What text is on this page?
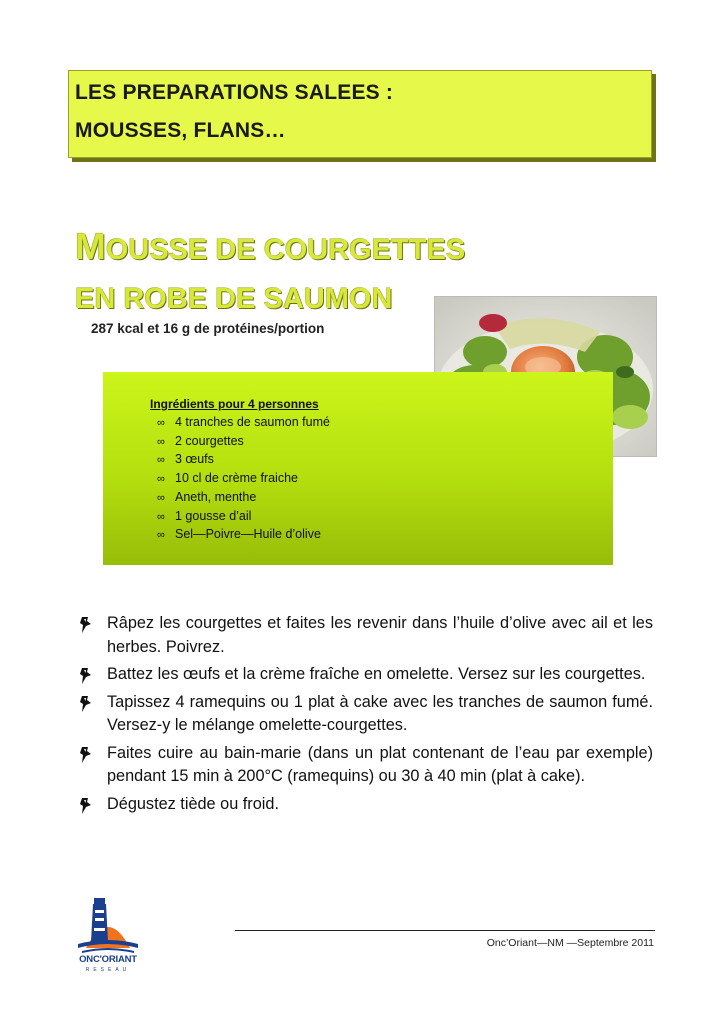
LES PREPARATIONS SALEES :
MOUSSES, FLANS…
MOUSSE DE COURGETTES
EN ROBE DE SAUMON
287 kcal et 16 g de protéines/portion
Ingrédients pour 4 personnes
∞ 4 tranches de saumon fumé
∞ 2 courgettes
∞ 3 œufs
∞ 10 cl de crème fraiche
∞ Aneth, menthe
∞ 1 gousse d’ail
∞ Sel—Poivre—Huile d’olive
Râpez les courgettes et faites les revenir dans l’huile d’olive avec ail et les herbes. Poivrez.
Battez les œufs et la crème fraîche en omelette. Versez sur les courgettes.
Tapissez 4 ramequins ou 1 plat à cake avec les tranches de saumon fumé. Versez-y le mélange omelette-courgettes.
Faites cuire au bain-marie (dans un plat contenant de l’eau par exemple) pendant 15 min à 200°C (ramequins) ou 30 à 40 min (plat à cake).
Dégustez tiède ou froid.
ONC'ORIANT
RESEAU
Onc’Oriant—NM —Septembre 2011
